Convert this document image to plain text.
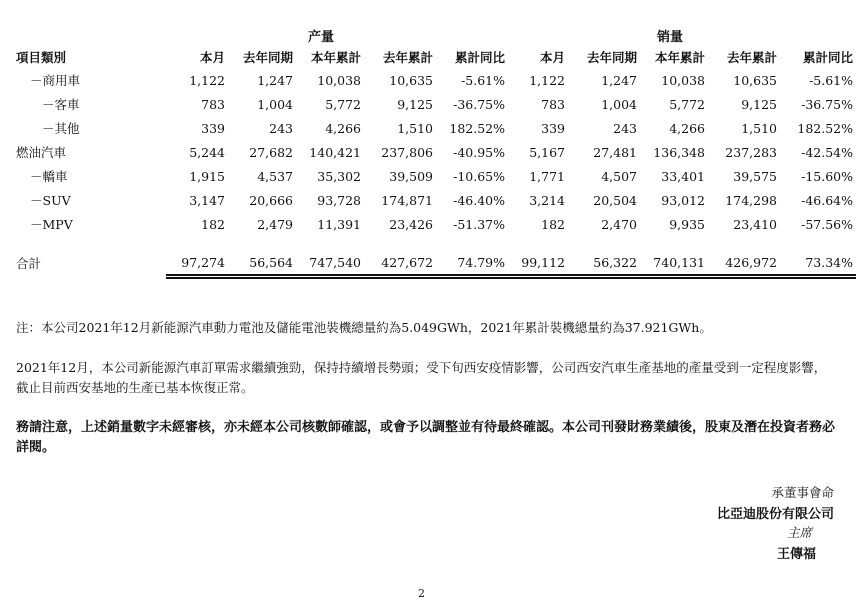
产量	销量
項目類別	本月	去年同期	本年累計	去年累計	累計同比	本月	去年同期	本年累計	去年累計	累計同比
－商用車	1,122	1,247	10,038	10,635	-5.61%	1,122	1,247	10,038	10,635	-5.61%
－客車	783	1,004	5,772	9,125	-36.75%	783	1,004	5,772	9,125	-36.75%
－其他	339	243	4,266	1,510	182.52%	339	243	4,266	1,510	182.52%
燃油汽車	5,244	27,682	140,421	237,806	-40.95%	5,167	27,481	136,348	237,283	-42.54%
－轎車	1,915	4,537	35,302	39,509	-10.65%	1,771	4,507	33,401	39,575	-15.60%
－SUV	3,147	20,666	93,728	174,871	-46.40%	3,214	20,504	93,012	174,298	-46.64%
－MPV	182	2,479	11,391	23,426	-51.37%	182	2,470	9,935	23,410	-57.56%

合計	97,274	56,564	747,540	427,672	74.79%	99,112	56,322	740,131	426,972	73.34%
注：本公司2021年12月新能源汽車動力電池及儲能電池裝機總量約為5.049GWh，2021年累計裝機總量約為37.921GWh。
2021年12月，本公司新能源汽車訂單需求繼續強勁，保持持續增長勢頭；受下旬西安疫情影響，公司西安汽車生產基地的產量受到一定程度影響，截止目前西安基地的生產已基本恢復正常。
務請注意，上述銷量數字未經審核，亦未經本公司核數師確認，或會予以調整並有待最終確認。本公司刊發財務業績後，股東及潛在投資者務必詳閱。
承董事會命
比亞迪股份有限公司
主席
王傳福
2
